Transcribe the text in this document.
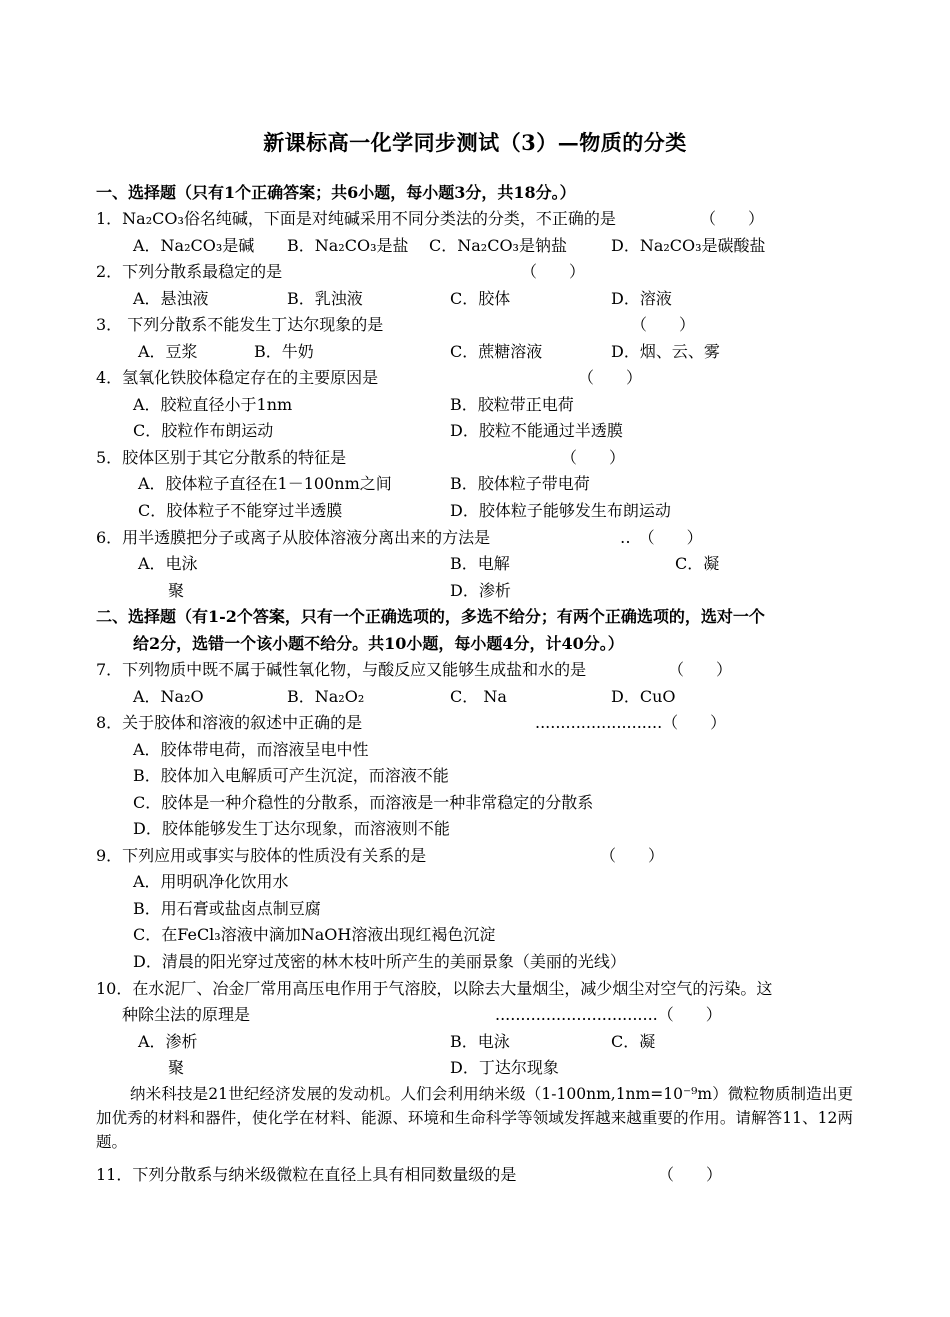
新课标高一化学同步测试（3）—物质的分类
一、选择题（只有1个正确答案；共6小题，每小题3分，共18分。）
1．Na₂CO₃俗名纯碱，下面是对纯碱采用不同分类法的分类，不正确的是	（　　）
A．Na₂CO₃是碱 B．Na₂CO₃是盐 C．Na₂CO₃是钠盐	D．Na₂CO₃是碳酸盐
2．下列分散系最稳定的是	（　　）
A．悬浊液	B．乳浊液	C．胶体	D．溶液
3． 下列分散系不能发生丁达尔现象的是	（　　）
A．豆浆	B．牛奶	C．蔗糖溶液	D．烟、云、雾
4．氢氧化铁胶体稳定存在的主要原因是	（　　）
A．胶粒直径小于1nm	B．胶粒带正电荷
C．胶粒作布朗运动	D．胶粒不能通过半透膜
5．胶体区别于其它分散系的特征是	（　　）
A．胶体粒子直径在1－100nm之间	B．胶体粒子带电荷
C．胶体粒子不能穿过半透膜	D．胶体粒子能够发生布朗运动
6．用半透膜把分子或离子从胶体溶液分离出来的方法是	‥　（　　）
A．电泳	B．电解	C．凝
聚	D．渗析
二、选择题（有1-2个答案，只有一个正确选项的，多选不给分；有两个正确选项的，选对一个
给2分，选错一个该小题不给分。共10小题，每小题4分，计40分。）
7．下列物质中既不属于碱性氧化物，与酸反应又能够生成盐和水的是	（　　）
A．Na₂O	B．Na₂O₂	C． Na	D．CuO
8．关于胶体和溶液的叙述中正确的是	.........................（　　）
A．胶体带电荷，而溶液呈电中性
B．胶体加入电解质可产生沉淀，而溶液不能
C．胶体是一种介稳性的分散系，而溶液是一种非常稳定的分散系
D．胶体能够发生丁达尔现象，而溶液则不能
9．下列应用或事实与胶体的性质没有关系的是	（　　）
A．用明矾净化饮用水
B．用石膏或盐卤点制豆腐
C．在FeCl₃溶液中滴加NaOH溶液出现红褐色沉淀
D．清晨的阳光穿过茂密的林木枝叶所产生的美丽景象（美丽的光线）
10．在水泥厂、冶金厂常用高压电作用于气溶胶，以除去大量烟尘，减少烟尘对空气的污染。这
种除尘法的原理是	................................（　　）
A．渗析	B．电泳	C．凝
聚	D．丁达尔现象
纳米科技是21世纪经济发展的发动机。人们会利用纳米级（1-100nm,1nm=10⁻⁹m）微粒物质制造出更加优秀的材料和器件，使化学在材料、能源、环境和生命科学等领域发挥越来越重要的作用。请解答11、12两题。
11．下列分散系与纳米级微粒在直径上具有相同数量级的是	（　　）
